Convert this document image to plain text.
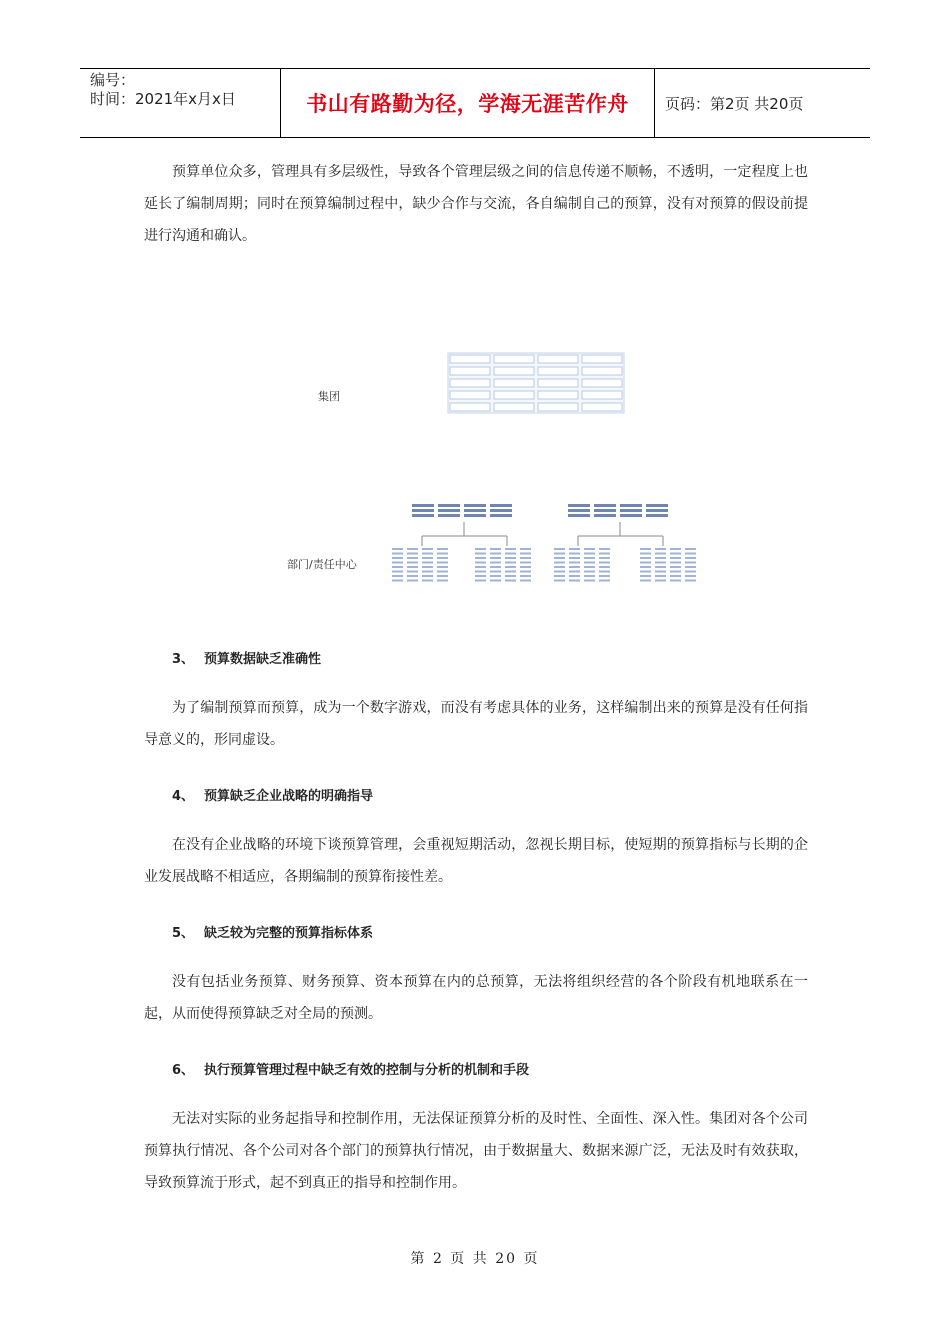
编号：
时间：2021年x月x日	书山有路勤为径，学海无涯苦作舟	页码：第2页 共20页

预算单位众多，管理具有多层级性，导致各个管理层级之间的信息传递不顺畅，不透明，一定程度上也延长了编制周期；同时在预算编制过程中，缺少合作与交流，各自编制自己的预算，没有对预算的假设前提进行沟通和确认。

集团
部门/责任中心
3、 预算数据缺乏准确性

为了编制预算而预算，成为一个数字游戏，而没有考虑具体的业务，这样编制出来的预算是没有任何指导意义的，形同虚设。

4、 预算缺乏企业战略的明确指导

在没有企业战略的环境下谈预算管理，会重视短期活动，忽视长期目标，使短期的预算指标与长期的企业发展战略不相适应，各期编制的预算衔接性差。

5、 缺乏较为完整的预算指标体系

没有包括业务预算、财务预算、资本预算在内的总预算，无法将组织经营的各个阶段有机地联系在一起，从而使得预算缺乏对全局的预测。

6、 执行预算管理过程中缺乏有效的控制与分析的机制和手段

无法对实际的业务起指导和控制作用，无法保证预算分析的及时性、全面性、深入性。集团对各个公司预算执行情况、各个公司对各个部门的预算执行情况，由于数据量大、数据来源广泛，无法及时有效获取，导致预算流于形式，起不到真正的指导和控制作用。

第 2 页 共 20 页
